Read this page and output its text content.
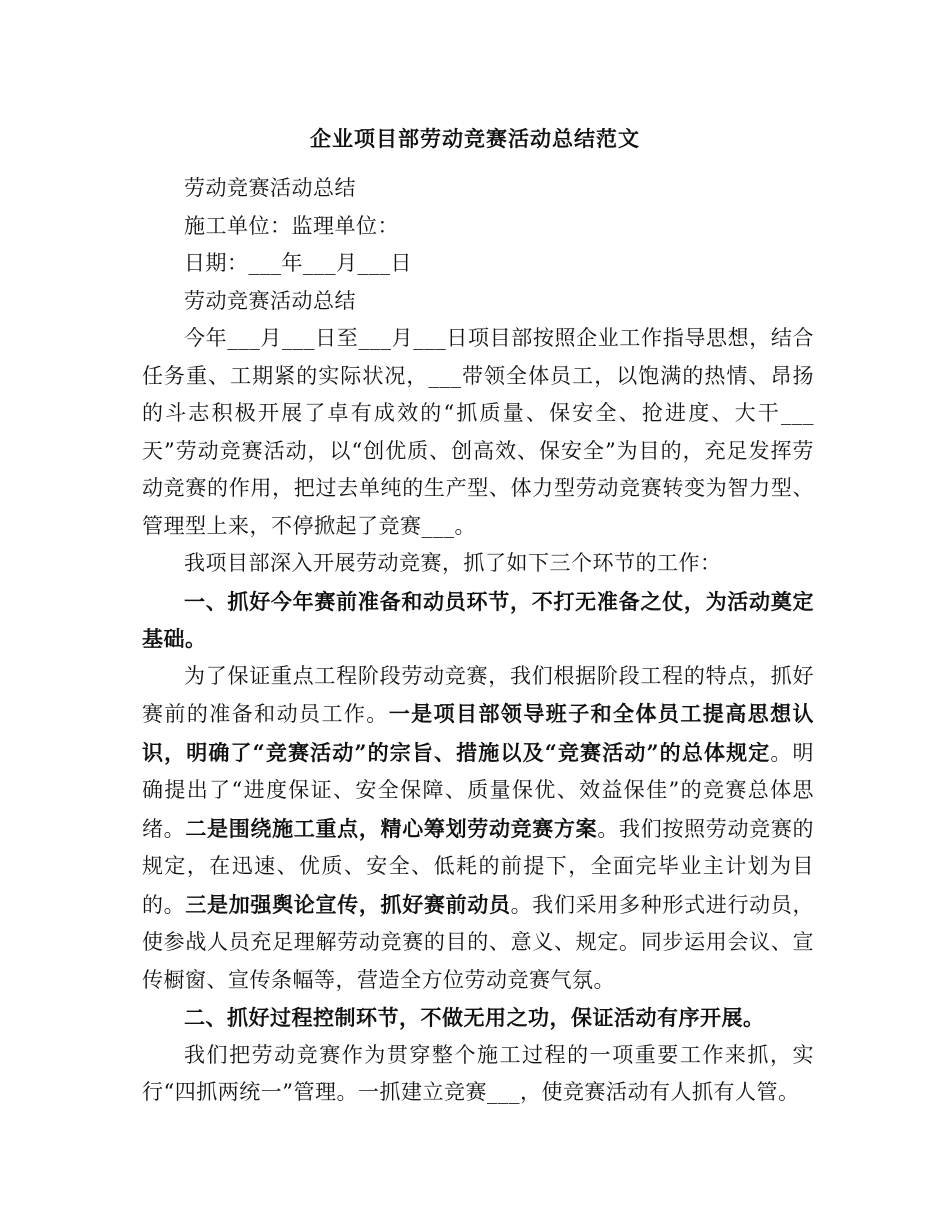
企业项目部劳动竞赛活动总结范文

劳动竞赛活动总结

施工单位：监理单位：

日期：___年___月___日

劳动竞赛活动总结

今年___月___日至___月___日项目部按照企业工作指导思想，结合任务重、工期紧的实际状况，___带领全体员工，以饱满的热情、昂扬的斗志积极开展了卓有成效的“抓质量、保安全、抢进度、大干___天”劳动竞赛活动，以“创优质、创高效、保安全”为目的，充足发挥劳动竞赛的作用，把过去单纯的生产型、体力型劳动竞赛转变为智力型、管理型上来，不停掀起了竞赛___。

我项目部深入开展劳动竞赛，抓了如下三个环节的工作：

一、抓好今年赛前准备和动员环节，不打无准备之仗，为活动奠定基础。

为了保证重点工程阶段劳动竞赛，我们根据阶段工程的特点，抓好赛前的准备和动员工作。一是项目部领导班子和全体员工提高思想认识，明确了“竞赛活动”的宗旨、措施以及“竞赛活动”的总体规定。明确提出了“进度保证、安全保障、质量保优、效益保佳”的竞赛总体思绪。二是围绕施工重点，精心筹划劳动竞赛方案。我们按照劳动竞赛的规定，在迅速、优质、安全、低耗的前提下，全面完毕业主计划为目的。三是加强舆论宣传，抓好赛前动员。我们采用多种形式进行动员，使参战人员充足理解劳动竞赛的目的、意义、规定。同步运用会议、宣传橱窗、宣传条幅等，营造全方位劳动竞赛气氛。

二、抓好过程控制环节，不做无用之功，保证活动有序开展。

我们把劳动竞赛作为贯穿整个施工过程的一项重要工作来抓，实行“四抓两统一”管理。一抓建立竞赛___，使竞赛活动有人抓有人管。
